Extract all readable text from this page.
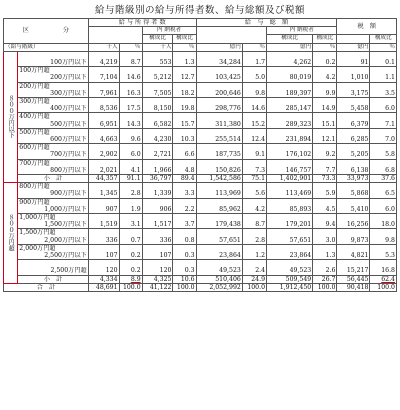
給与階級別の給与所得者数、給与総額及び税額
区 分		給 与 所 得 者 数				給　与　総　額				税　額	
				内 納税者				内 納税者			
				構成比	構成比			構成比	構成比		構成比
（給与階級）		千人	％	千人	％	億円	％	億円	％	億円	％

８００万円以下											

	100万円以下	4,219	8.7	553	1.3	34,284	1.7	4,262	0.2	91	0.1
	100万円超										
	200万円以下	7,104	14.6	5,212	12.7	103,425	5.0	80,019	4.2	1,010	1.1
	200万円超										
	300万円以下	7,961	16.3	7,505	18.2	200,646	9.8	189,397	9.9	3,175	3.5
	300万円超										
	400万円以下	8,536	17.5	8,150	19.8	298,776	14.6	285,147	14.9	5,458	6.0
	400万円超										
	500万円以下	6,951	14.3	6,582	15.7	311,380	15.2	289,323	15.1	6,379	7.1
	500万円超										
	600万円以下	4,663	9.6	4,230	10.3	255,514	12.4	231,894	12.1	6,285	7.0
	600万円超										
	700万円以下	2,902	6.0	2,721	6.6	187,735	9.1	176,102	9.2	5,205	5.8
	700万円超										
	800万円以下	2,021	4.1	1,966	4.8	150,826	7.3	146,757	7.7	6,138	6.8
	小　計	44,357	91.1	36,797	89.4	1,542,586	75.1	1,402,901	73.3	33,973	37.6

８００万円超	800万円超										
	900万円以下	1,345	2.8	1,339	3.3	113,969	5.6	113,469	5.9	5,868	6.5
	900万円超										
	1,000万円以下	907	1.9	906	2.2	85,962	4.2	85,893	4.5	5,410	6.0
	1,000万円超										
	1,500万円以下	1,519	3.1	1,517	3.7	179,438	8.7	179,201	9.4	16,256	18.0
	1,500万円超										
	2,000万円以下	336	0.7	336	0.8	57,651	2.8	57,651	3.0	9,873	9.8
	2,000万円超										
	2,500万円以下	107	0.2	107	0.3	23,864	1.2	23,864	1.3	4,821	5.3

	2,500万円超	120	0.2	120	0.3	49,523	2.4	49,523	2.6	15,217	16.8
	小　計	4,334	8.9	4,325	10.6	510,406	24.9	509,549	26.7	56,445	62.4
合　計		48,691	100.0	41,122	100.0	2,052,992	100.0	1,912,450	100.0	90,418	100.0
